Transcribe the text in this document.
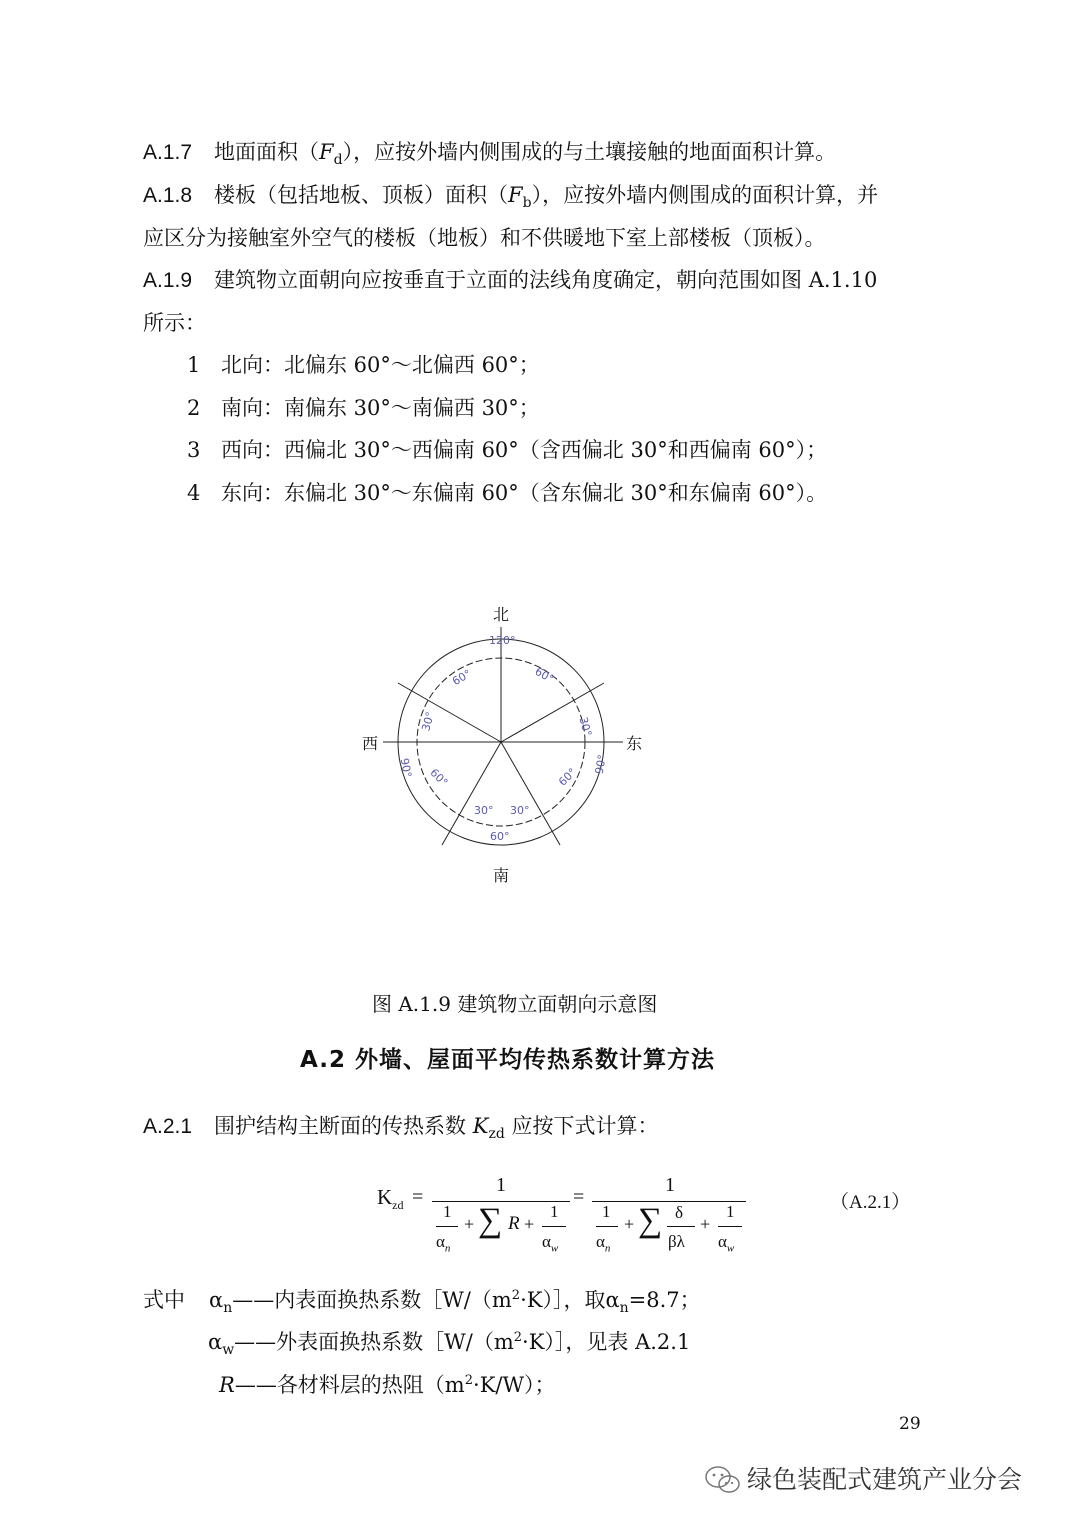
A.1.7 地面面积$(F_d)$，应按外墙内侧围成的与土壤接触的地面面积计算。
A.1.8 楼板（包括地板、顶板）面积$(F_b)$，应按外墙内侧围成的面积计算，并
应区分为接触室外空气的楼板（地板）和不供暖地下室上部楼板（顶板）。
A.1.9 建筑物立面朝向应按垂直于立面的法线角度确定，朝向范围如图 A.1.10
所示：
1 北向：北偏东 60°～北偏西 60°；
2 南向：南偏东 30°～南偏西 30°；
3 西向：西偏北 30°～西偏南 60°（含西偏北 30°和西偏南 60°）；
4 东向：东偏北 30°～东偏南 60°（含东偏北 30°和东偏南 60°）。
120°
60°	60°
30°	30°
90°	90°
60°	60°
30° 30°
60°
北
南
西	东
图 A.1.9 建筑物立面朝向示意图
A.2 外墙、屋面平均传热系数计算方法
A.2.1 围护结构主断面的传热系数 $K_{zd}$ 应按下式计算：
$K_{zd}$ =
1
1
$\alpha_n$
+ ∑ R +
1
$\alpha_w$
=
1
1
$\alpha_n$
+ ∑ δ
βλ
+
1
$\alpha_w$
（A.2.1）
式中 $\alpha_n——$内表面换热系数$[W/(m^2\cdot K)]$，取$\alpha_n=8.7$；
$\alpha_w——$外表面换热系数$[W/(m^2\cdot K)]$，见表 A.2.1
R——各材料层的热阻$(m^2\cdot K/W)$；
29
绿色装配式建筑产业分会
